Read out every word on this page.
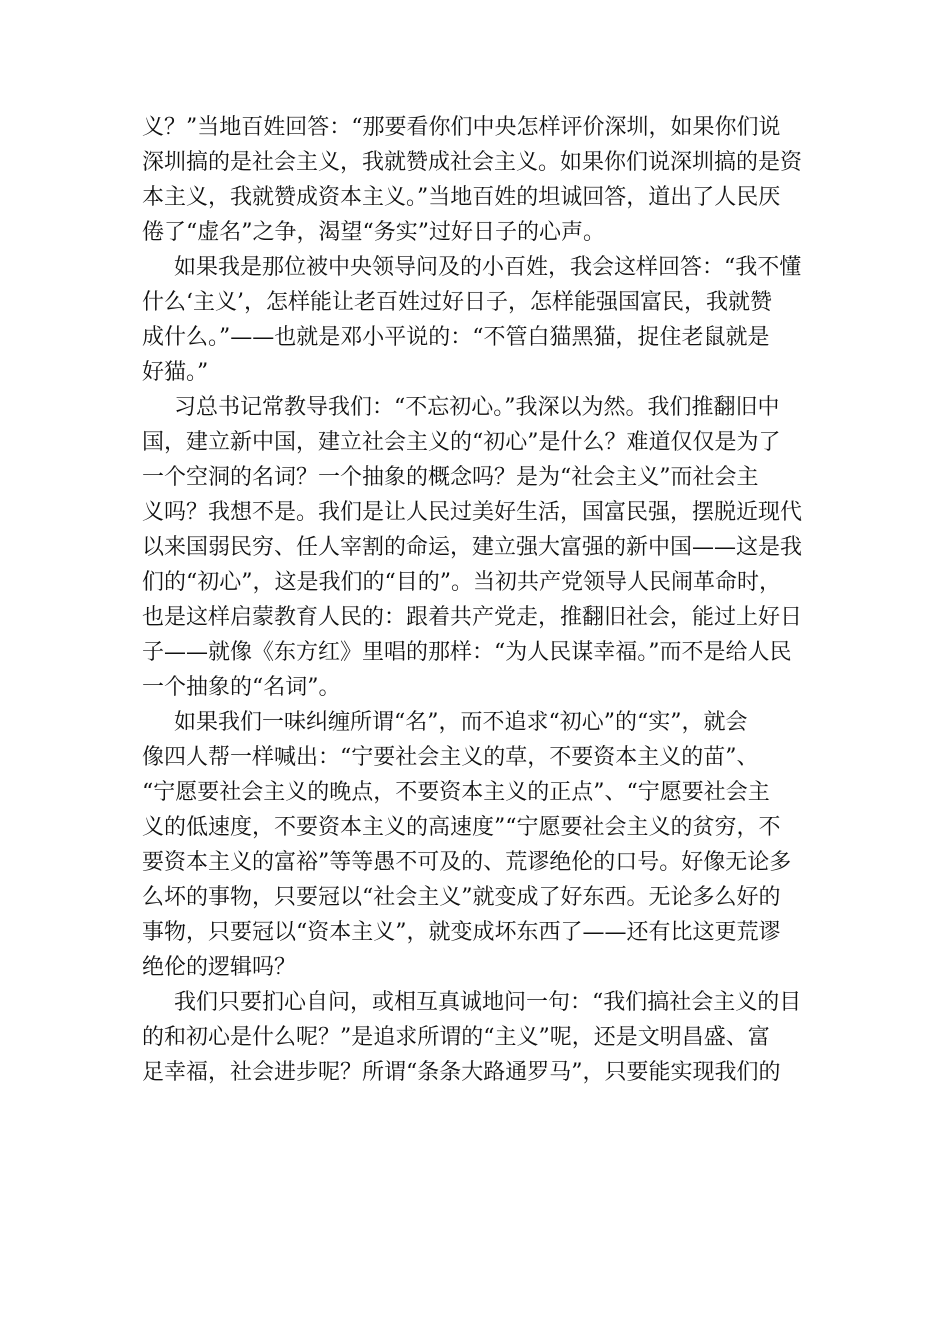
义？”当地百姓回答：“那要看你们中央怎样评价深圳，如果你们说
深圳搞的是社会主义，我就赞成社会主义。如果你们说深圳搞的是资
本主义，我就赞成资本主义。”当地百姓的坦诚回答，道出了人民厌
倦了“虚名”之争，渴望“务实”过好日子的心声。
如果我是那位被中央领导问及的小百姓，我会这样回答：“我不懂
什么‘主义’，怎样能让老百姓过好日子，怎样能强国富民，我就赞
成什么。”——也就是邓小平说的：“不管白猫黑猫，捉住老鼠就是
好猫。”
习总书记常教导我们：“不忘初心。”我深以为然。我们推翻旧中
国，建立新中国，建立社会主义的“初心”是什么？难道仅仅是为了
一个空洞的名词？一个抽象的概念吗？是为“社会主义”而社会主
义吗？我想不是。我们是让人民过美好生活，国富民强，摆脱近现代
以来国弱民穷、任人宰割的命运，建立强大富强的新中国——这是我
们的“初心”，这是我们的“目的”。当初共产党领导人民闹革命时，
也是这样启蒙教育人民的：跟着共产党走，推翻旧社会，能过上好日
子——就像《东方红》里唱的那样：“为人民谋幸福。”而不是给人民
一个抽象的“名词”。
如果我们一味纠缠所谓“名”，而不追求“初心”的“实”，就会
像四人帮一样喊出：“宁要社会主义的草，不要资本主义的苗”、
“宁愿要社会主义的晚点，不要资本主义的正点”、“宁愿要社会主
义的低速度，不要资本主义的高速度”“宁愿要社会主义的贫穷，不
要资本主义的富裕”等等愚不可及的、荒谬绝伦的口号。好像无论多
么坏的事物，只要冠以“社会主义”就变成了好东西。无论多么好的
事物，只要冠以“资本主义”，就变成坏东西了——还有比这更荒谬
绝伦的逻辑吗？
我们只要扪心自问，或相互真诚地问一句：“我们搞社会主义的目
的和初心是什么呢？”是追求所谓的“主义”呢，还是文明昌盛、富
足幸福，社会进步呢？所谓“条条大路通罗马”，只要能实现我们的
